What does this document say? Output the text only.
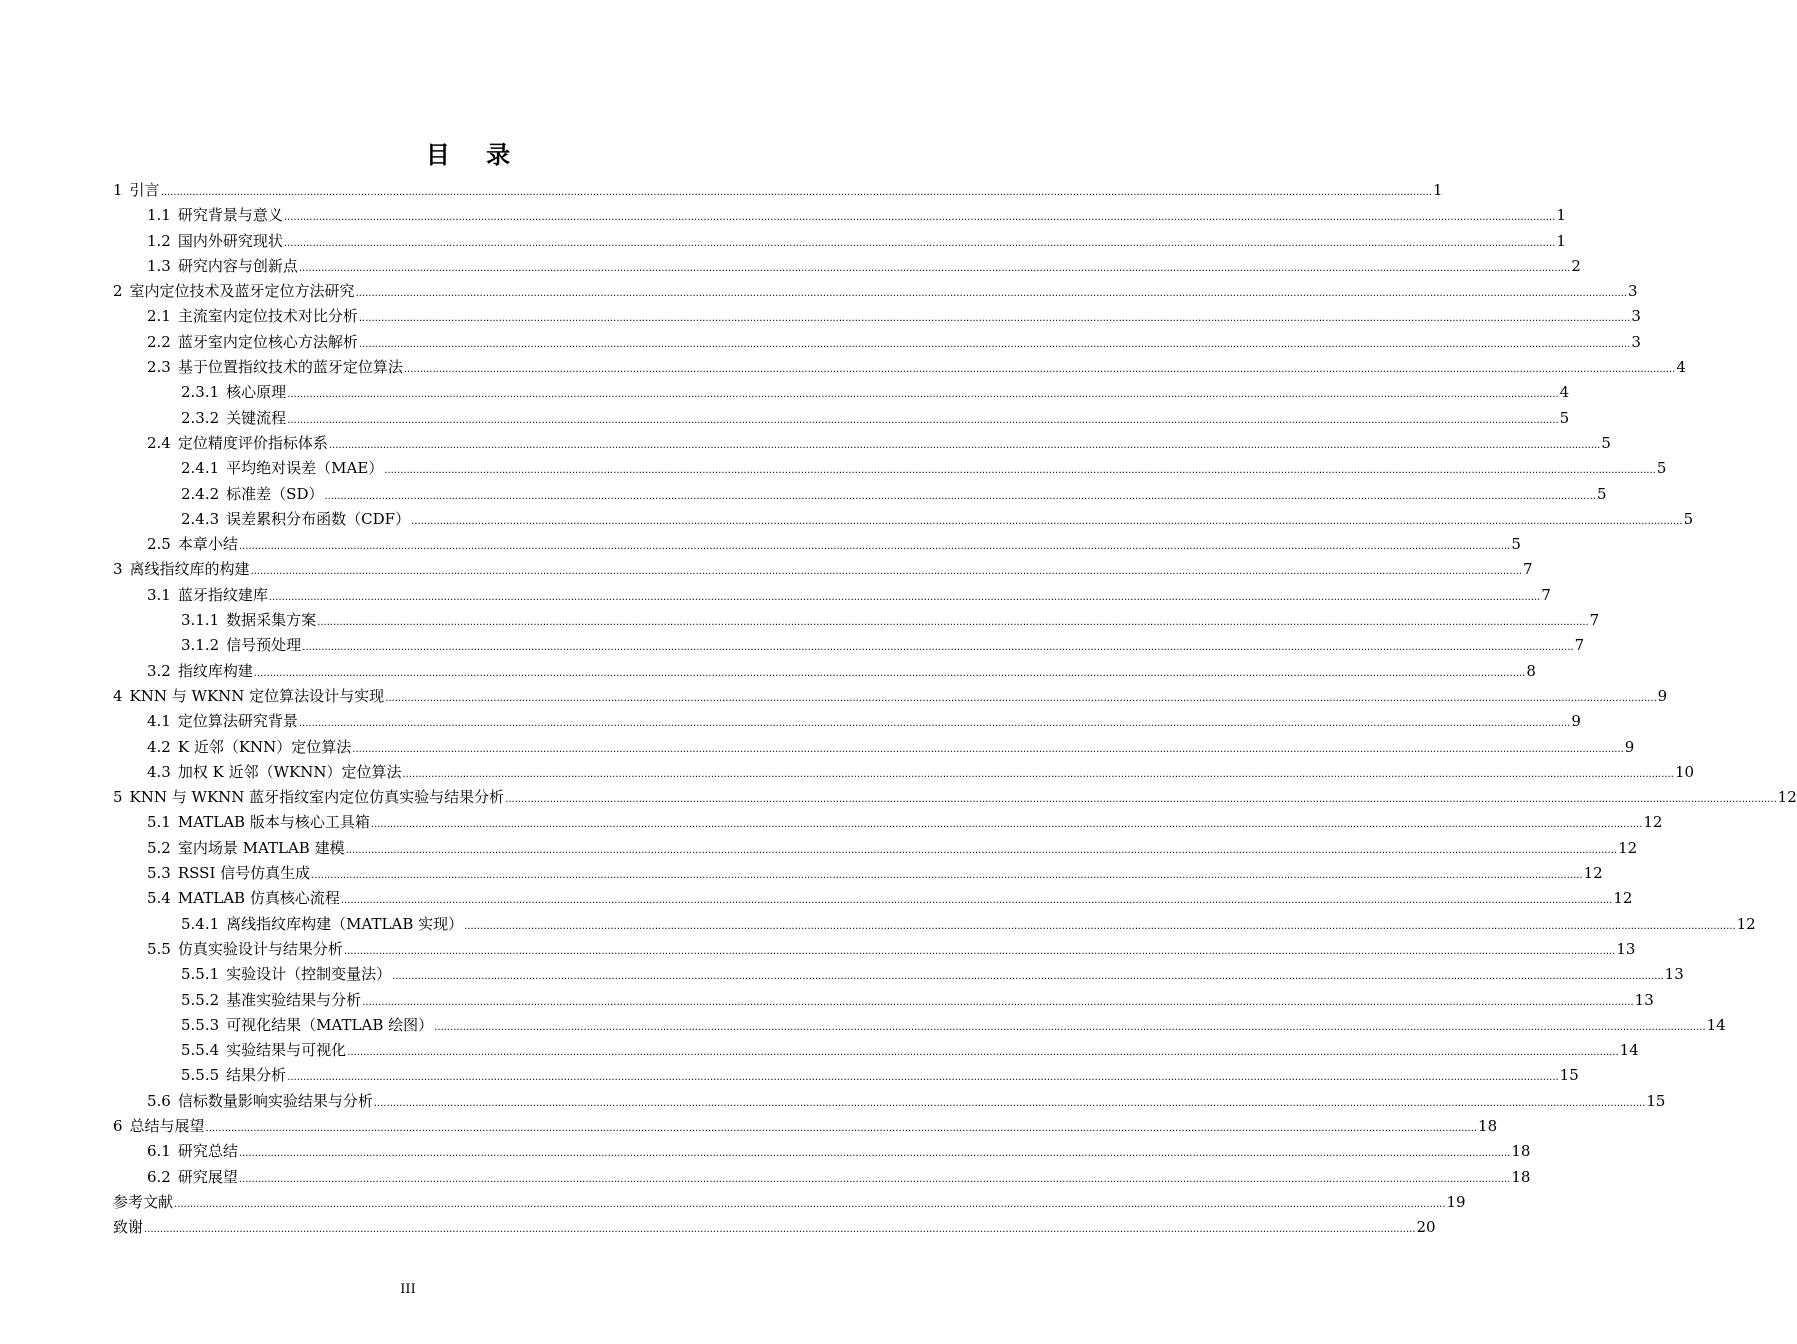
目 录
1 引言 ................................................................................................................................................................................................................................................................................................................................................................................................................ 1
1.1 研究背景与意义 ................................................................................................................................................................................................................................................................................................................................................................................................................ 1
1.2 国内外研究现状 ................................................................................................................................................................................................................................................................................................................................................................................................................ 1
1.3 研究内容与创新点 ................................................................................................................................................................................................................................................................................................................................................................................................................ 2
2 室内定位技术及蓝牙定位方法研究 ................................................................................................................................................................................................................................................................................................................................................................................................................ 3
2.1 主流室内定位技术对比分析 ................................................................................................................................................................................................................................................................................................................................................................................................................ 3
2.2 蓝牙室内定位核心方法解析 ................................................................................................................................................................................................................................................................................................................................................................................................................ 3
2.3 基于位置指纹技术的蓝牙定位算法 ................................................................................................................................................................................................................................................................................................................................................................................................................ 4
2.3.1 核心原理 ................................................................................................................................................................................................................................................................................................................................................................................................................ 4
2.3.2 关键流程 ................................................................................................................................................................................................................................................................................................................................................................................................................ 5
2.4 定位精度评价指标体系 ................................................................................................................................................................................................................................................................................................................................................................................................................ 5
2.4.1 平均绝对误差（MAE） ................................................................................................................................................................................................................................................................................................................................................................................................................ 5
2.4.2 标准差（SD） ................................................................................................................................................................................................................................................................................................................................................................................................................ 5
2.4.3 误差累积分布函数（CDF） ................................................................................................................................................................................................................................................................................................................................................................................................................ 5
2.5 本章小结 ................................................................................................................................................................................................................................................................................................................................................................................................................ 5
3 离线指纹库的构建 ................................................................................................................................................................................................................................................................................................................................................................................................................ 7
3.1 蓝牙指纹建库 ................................................................................................................................................................................................................................................................................................................................................................................................................ 7
3.1.1 数据采集方案 ................................................................................................................................................................................................................................................................................................................................................................................................................ 7
3.1.2 信号预处理 ................................................................................................................................................................................................................................................................................................................................................................................................................ 7
3.2 指纹库构建 ................................................................................................................................................................................................................................................................................................................................................................................................................ 8
4 KNN 与 WKNN 定位算法设计与实现 ................................................................................................................................................................................................................................................................................................................................................................................................................ 9
4.1 定位算法研究背景 ................................................................................................................................................................................................................................................................................................................................................................................................................ 9
4.2 K 近邻（KNN）定位算法 ................................................................................................................................................................................................................................................................................................................................................................................................................ 9
4.3 加权 K 近邻（WKNN）定位算法 ................................................................................................................................................................................................................................................................................................................................................................................................................ 10
5 KNN 与 WKNN 蓝牙指纹室内定位仿真实验与结果分析 ................................................................................................................................................................................................................................................................................................................................................................................................................ 12
5.1 MATLAB 版本与核心工具箱 ................................................................................................................................................................................................................................................................................................................................................................................................................ 12
5.2 室内场景 MATLAB 建模 ................................................................................................................................................................................................................................................................................................................................................................................................................ 12
5.3 RSSI 信号仿真生成 ................................................................................................................................................................................................................................................................................................................................................................................................................ 12
5.4 MATLAB 仿真核心流程 ................................................................................................................................................................................................................................................................................................................................................................................................................ 12
5.4.1 离线指纹库构建（MATLAB 实现） ................................................................................................................................................................................................................................................................................................................................................................................................................ 12
5.5 仿真实验设计与结果分析 ................................................................................................................................................................................................................................................................................................................................................................................................................ 13
5.5.1 实验设计（控制变量法） ................................................................................................................................................................................................................................................................................................................................................................................................................ 13
5.5.2 基准实验结果与分析 ................................................................................................................................................................................................................................................................................................................................................................................................................ 13
5.5.3 可视化结果（MATLAB 绘图） ................................................................................................................................................................................................................................................................................................................................................................................................................ 14
5.5.4 实验结果与可视化 ................................................................................................................................................................................................................................................................................................................................................................................................................ 14
5.5.5 结果分析 ................................................................................................................................................................................................................................................................................................................................................................................................................ 15
5.6 信标数量影响实验结果与分析 ................................................................................................................................................................................................................................................................................................................................................................................................................ 15
6 总结与展望 ................................................................................................................................................................................................................................................................................................................................................................................................................ 18
6.1 研究总结 ................................................................................................................................................................................................................................................................................................................................................................................................................ 18
6.2 研究展望 ................................................................................................................................................................................................................................................................................................................................................................................................................ 18
参考文献 ................................................................................................................................................................................................................................................................................................................................................................................................................ 19
致谢 ................................................................................................................................................................................................................................................................................................................................................................................................................ 20
III
